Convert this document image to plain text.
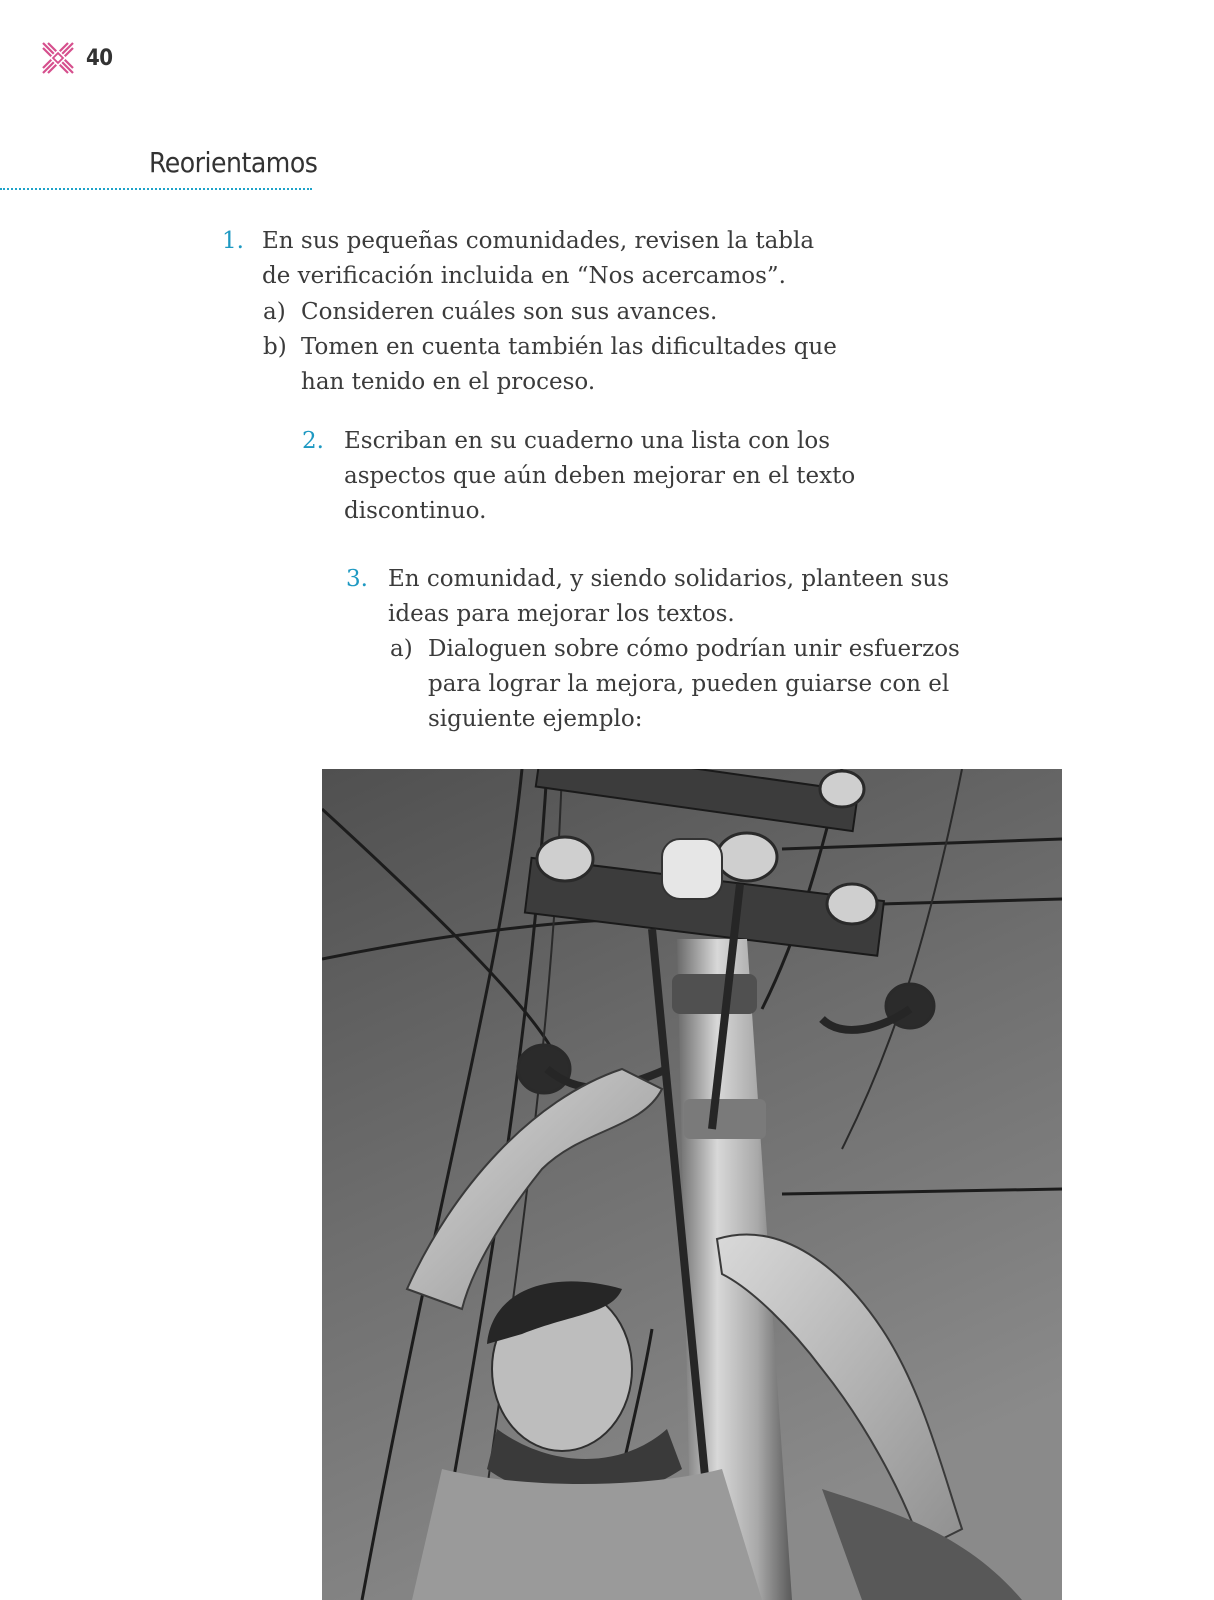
40
Reorientamos
1. En sus pequeñas comunidades, revisen la tabla
de verificación incluida en “Nos acercamos”.
a) Consideren cuáles son sus avances.
b) Tomen en cuenta también las dificultades que
han tenido en el proceso.
2. Escriban en su cuaderno una lista con los
aspectos que aún deben mejorar en el texto
discontinuo.
3. En comunidad, y siendo solidarios, planteen sus
ideas para mejorar los textos.
a) Dialoguen sobre cómo podrían unir esfuerzos
para lograr la mejora, pueden guiarse con el
siguiente ejemplo:
